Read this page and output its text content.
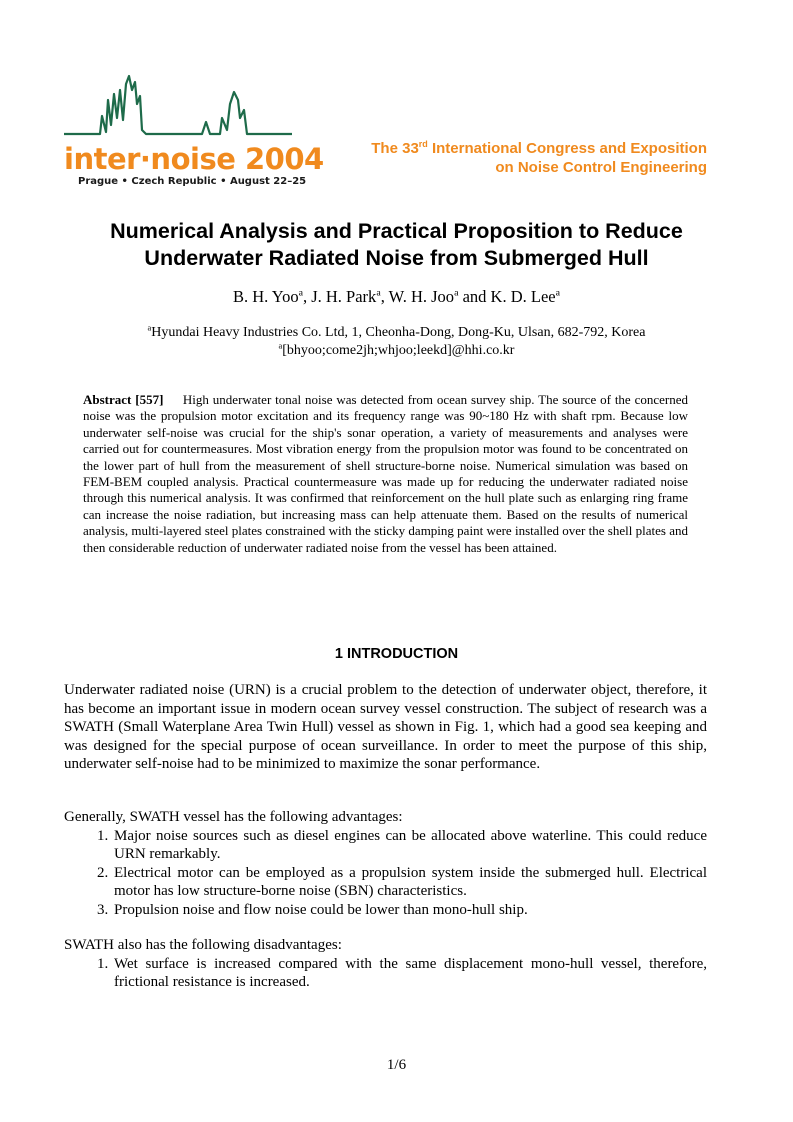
inter·noise 2004
Prague • Czech Republic • August 22–25
The 33rd International Congress and Exposition
on Noise Control Engineering
Numerical Analysis and Practical Proposition to Reduce
Underwater Radiated Noise from Submerged Hull
B. H. Yoo$^a$, J. H. Park$^a$, W. H. Joo$^a$ and K. D. Lee$^a$
$^a$Hyundai Heavy Industries Co. Ltd, 1, Cheonha-Dong, Dong-Ku, Ulsan, 682-792, Korea
$^a$[bhyoo;come2jh;whjoo;leekd]@hhi.co.kr
Abstract [557] High underwater tonal noise was detected from ocean survey ship. The source of the concerned noise was the propulsion motor excitation and its frequency range was 90~180 Hz with shaft rpm. Because low underwater self-noise was crucial for the ship's sonar operation, a variety of measurements and analyses were carried out for countermeasures. Most vibration energy from the propulsion motor was found to be concentrated on the lower part of hull from the measurement of shell structure-borne noise. Numerical simulation was based on FEM-BEM coupled analysis. Practical countermeasure was made up for reducing the underwater radiated noise through this numerical analysis. It was confirmed that reinforcement on the hull plate such as enlarging ring frame can increase the noise radiation, but increasing mass can help attenuate them. Based on the results of numerical analysis, multi-layered steel plates constrained with the sticky damping paint were installed over the shell plates and then considerable reduction of underwater radiated noise from the vessel has been attained.
1 INTRODUCTION
Underwater radiated noise (URN) is a crucial problem to the detection of underwater object, therefore, it has become an important issue in modern ocean survey vessel construction. The subject of research was a SWATH (Small Waterplane Area Twin Hull) vessel as shown in Fig. 1, which had a good sea keeping and was designed for the special purpose of ocean surveillance. In order to meet the purpose of this ship, underwater self-noise had to be minimized to maximize the sonar performance.
Generally, SWATH vessel has the following advantages:
1. Major noise sources such as diesel engines can be allocated above waterline. This could reduce URN remarkably.
2. Electrical motor can be employed as a propulsion system inside the submerged hull. Electrical motor has low structure-borne noise (SBN) characteristics.
3. Propulsion noise and flow noise could be lower than mono-hull ship.
SWATH also has the following disadvantages:
1. Wet surface is increased compared with the same displacement mono-hull vessel, therefore, frictional resistance is increased.
1/6
